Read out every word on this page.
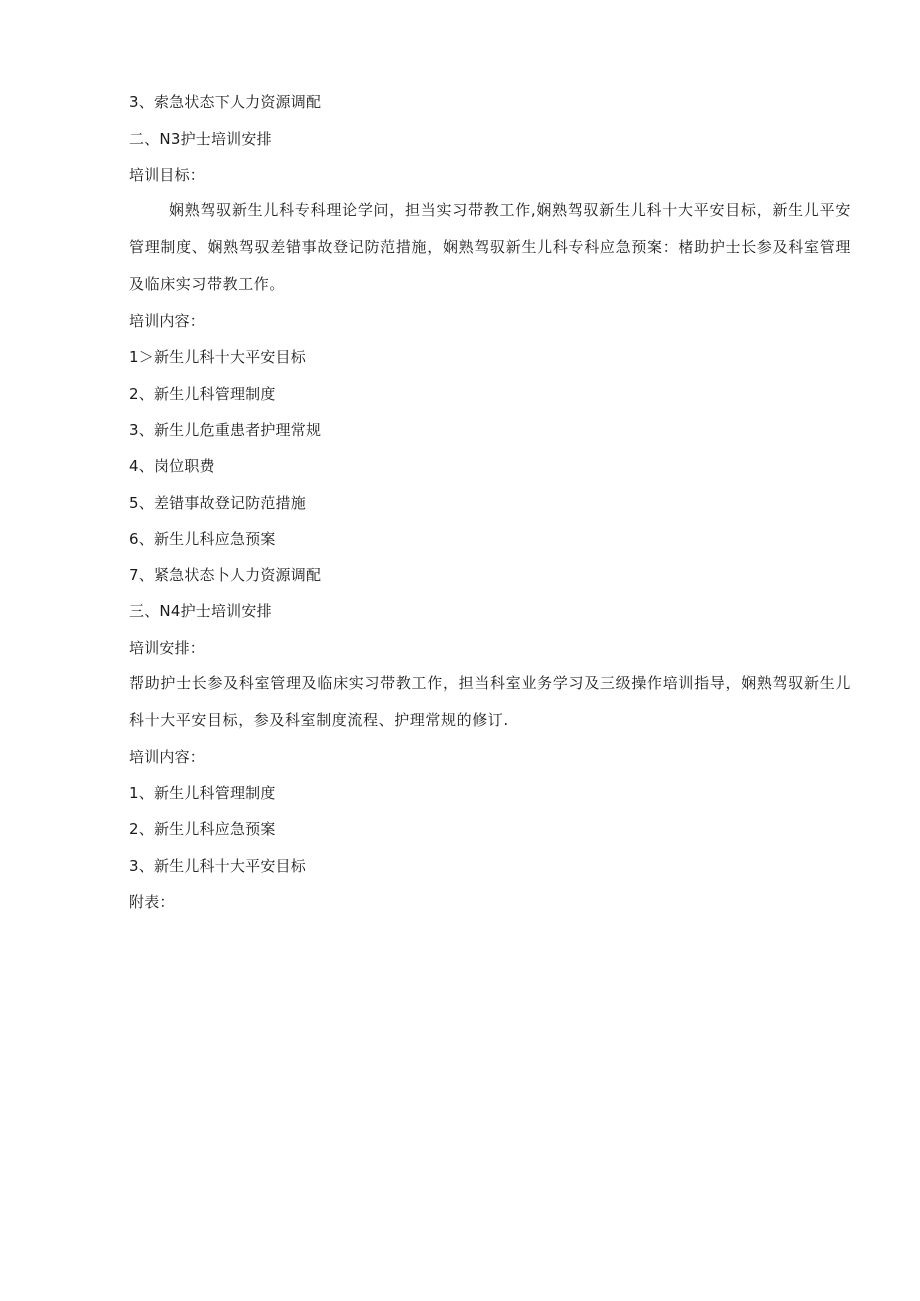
3、索急状态下人力资源调配
二、N3护士培训安排
培训目标：
娴熟驾驭新生儿科专科理论学问，担当实习带教工作,娴熟驾驭新生儿科十大平安目标，新生儿平安管理制度、娴熟驾驭差错事故登记防范措施，娴熟驾驭新生儿科专科应急预案：楮助护士长参及科室管理及临床实习带教工作。
培训内容：
1＞新生儿科十大平安目标
2、新生儿科管理制度
3、新生儿危重患者护理常规
4、岗位职费
5、差错事故登记防范措施
6、新生儿科应急预案
7、紧急状态卜人力资源调配
三、N4护士培训安排
培训安排：
帮助护士长参及科室管理及临床实习带教工作，担当科室业务学习及三级操作培训指导，娴熟驾驭新生儿科十大平安目标，参及科室制度流程、护理常规的修订.
培训内容：
1、新生儿科管理制度
2、新生儿科应急预案
3、新生儿科十大平安目标
附表：
